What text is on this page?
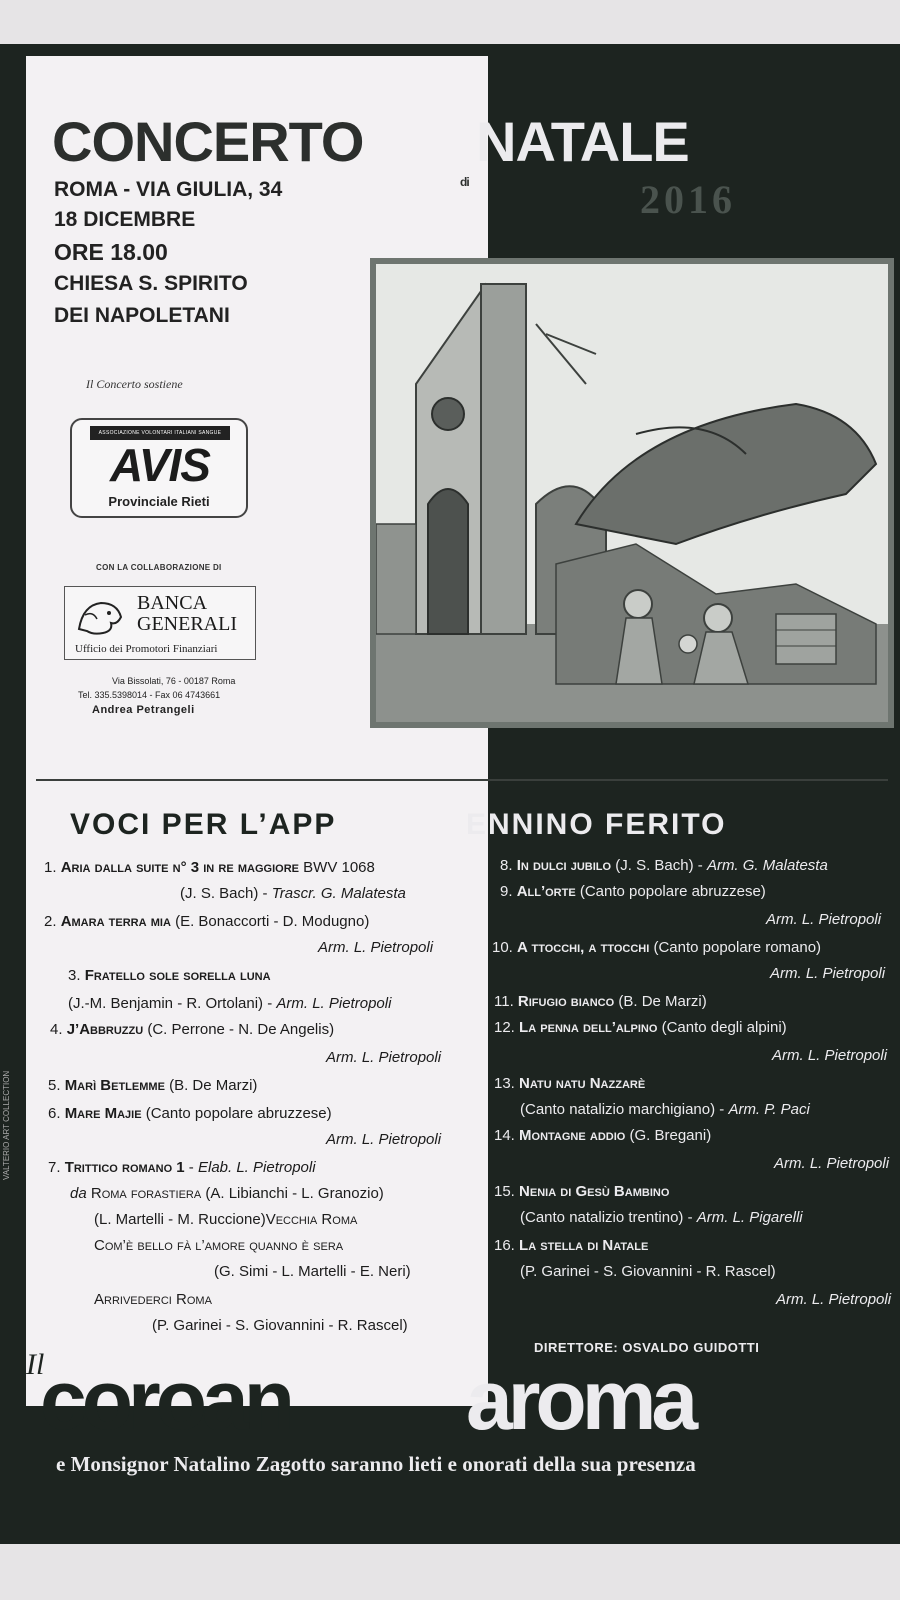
CONCERTO
di
NATALE
2016
ROMA - VIA GIULIA, 34
18 DICEMBRE
ORE 18.00
CHIESA S. SPIRITO
DEI NAPOLETANI
Il Concerto sostiene
ASSOCIAZIONE VOLONTARI ITALIANI SANGUE
AVIS
Provinciale Rieti
CON LA COLLABORAZIONE DI
BANCA
GENERALI
Ufficio dei Promotori Finanziari
Via Bissolati, 76 - 00187 Roma
Tel. 335.5398014 - Fax 06 4743661
Andrea Petrangeli
VOCI PER L’APP	ENNINO FERITO
1. Aria dalla suite n° 3 in re maggiore BWV 1068
(J. S. Bach) - Trascr. G. Malatesta
2. Amara terra mia (E. Bonaccorti - D. Modugno)
Arm. L. Pietropoli
3. Fratello sole sorella luna
(J.-M. Benjamin - R. Ortolani) - Arm. L. Pietropoli
4. J’Abbruzzu (C. Perrone - N. De Angelis)
Arm. L. Pietropoli
5. Marì Betlemme (B. De Marzi)
6. Mare Majie (Canto popolare abruzzese)
Arm. L. Pietropoli
7. Trittico romano 1 - Elab. L. Pietropoli
da Roma forastiera (A. Libianchi - L. Granozio)
(L. Martelli - M. Ruccione)Vecchia Roma
Com’è bello fà l’amore quanno è sera
(G. Simi - L. Martelli - E. Neri)
Arrivederci Roma
(P. Garinei - S. Giovannini - R. Rascel)
8. In dulci jubilo (J. S. Bach) - Arm. G. Malatesta
9. All’orte (Canto popolare abruzzese)
Arm. L. Pietropoli
10. A ttocchi, a ttocchi (Canto popolare romano)
Arm. L. Pietropoli
11. Rifugio bianco (B. De Marzi)
12. La penna dell’alpino (Canto degli alpini)
Arm. L. Pietropoli
13. Natu natu Nazzarè
(Canto natalizio marchigiano) - Arm. P. Paci
14. Montagne addio (G. Bregani)
Arm. L. Pietropoli
15. Nenia di Gesù Bambino
(Canto natalizio trentino) - Arm. L. Pigarelli
16. La stella di Natale
(P. Garinei - S. Giovannini - R. Rascel)
Arm. L. Pietropoli
DIRETTORE: OSVALDO GUIDOTTI
Il
coroan aroma
e Monsignor Natalino Zagotto saranno lieti e onorati della sua presenza
VALTERIO ART COLLECTION
